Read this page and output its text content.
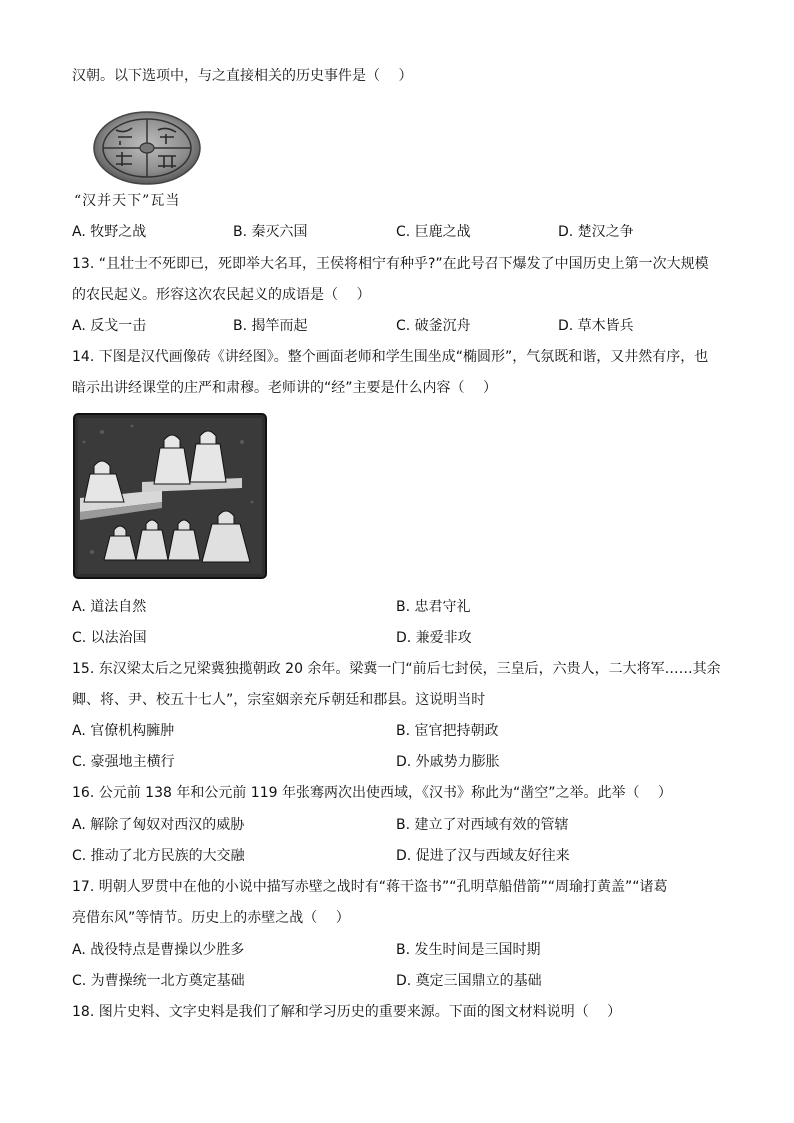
汉朝。以下选项中，与之直接相关的历史事件是（　 ）
“汉并天下”瓦当
A. 牧野之战	B. 秦灭六国	C. 巨鹿之战	D. 楚汉之争
13. “且壮士不死即已，死即举大名耳，王侯将相宁有种乎?”在此号召下爆发了中国历史上第一次大规模
的农民起义。形容这次农民起义的成语是（　 ）
A. 反戈一击	B. 揭竿而起	C. 破釜沉舟	D. 草木皆兵
14. 下图是汉代画像砖《讲经图》。整个画面老师和学生围坐成“椭圆形”，气氛既和谐，又井然有序，也
暗示出讲经课堂的庄严和肃穆。老师讲的“经”主要是什么内容（　 ）
A. 道法自然	B. 忠君守礼
C. 以法治国	D. 兼爱非攻
15. 东汉梁太后之兄梁冀独揽朝政 20 余年。梁冀一门“前后七封侯，三皇后，六贵人，二大将军……其余
卿、将、尹、校五十七人”，宗室姻亲充斥朝廷和郡县。这说明当时
A. 官僚机构臃肿	B. 宦官把持朝政
C. 豪强地主横行	D. 外戚势力膨胀
16. 公元前 138 年和公元前 119 年张骞两次出使西域，《汉书》称此为“凿空”之举。此举（　 ）
A. 解除了匈奴对西汉的威胁	B. 建立了对西域有效的管辖
C. 推动了北方民族的大交融	D. 促进了汉与西域友好往来
17. 明朝人罗贯中在他的小说中描写赤壁之战时有“蒋干盗书”“孔明草船借箭”“周瑜打黄盖”“诸葛
亮借东风”等情节。历史上的赤壁之战（　 ）
A. 战役特点是曹操以少胜多	B. 发生时间是三国时期
C. 为曹操统一北方奠定基础	D. 奠定三国鼎立的基础
18. 图片史料、文字史料是我们了解和学习历史的重要来源。下面的图文材料说明（　 ）
